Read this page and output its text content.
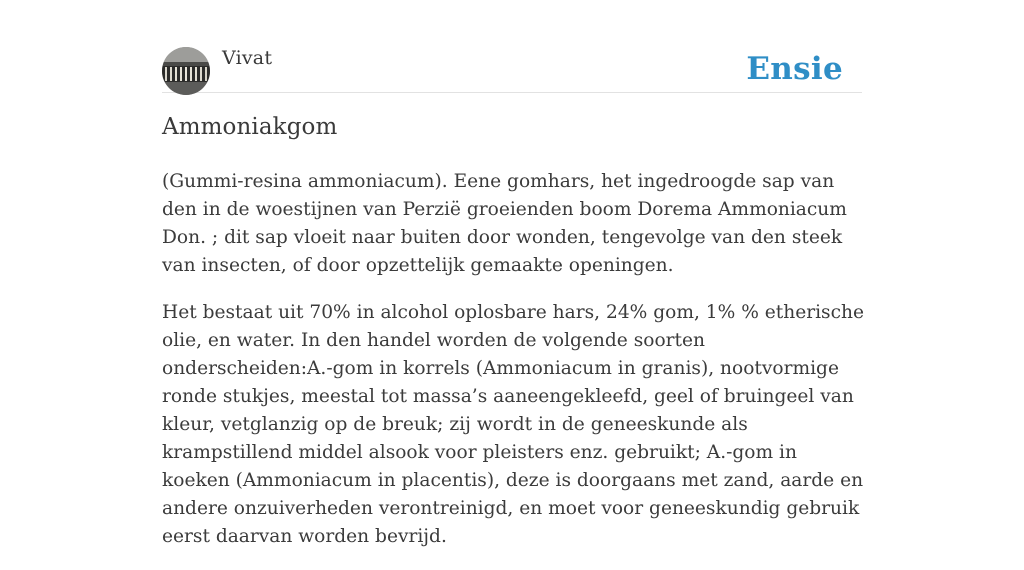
Vivat	Ensie
Ammoniakgom

(Gummi-resina ammoniacum). Eene gomhars, het ingedroogde sap van den in de woestijnen van Perzië groeienden boom Dorema Ammoniacum Don. ; dit sap vloeit naar buiten door wonden, tengevolge van den steek van insecten, of door opzettelijk gemaakte openingen.

Het bestaat uit 70% in alcohol oplosbare hars, 24% gom, 1% % etherische olie, en water. In den handel worden de volgende soorten onderscheiden:A.-gom in korrels (Ammoniacum in granis), nootvormige ronde stukjes, meestal tot massa’s aaneengekleefd, geel of bruingeel van kleur, vetglanzig op de breuk; zij wordt in de geneeskunde als krampstillend middel alsook voor pleisters enz. gebruikt; A.-gom in koeken (Ammoniacum in placentis), deze is doorgaans met zand, aarde en andere onzuiverheden verontreinigd, en moet voor geneeskundig gebruik eerst daarvan worden bevrijd.
